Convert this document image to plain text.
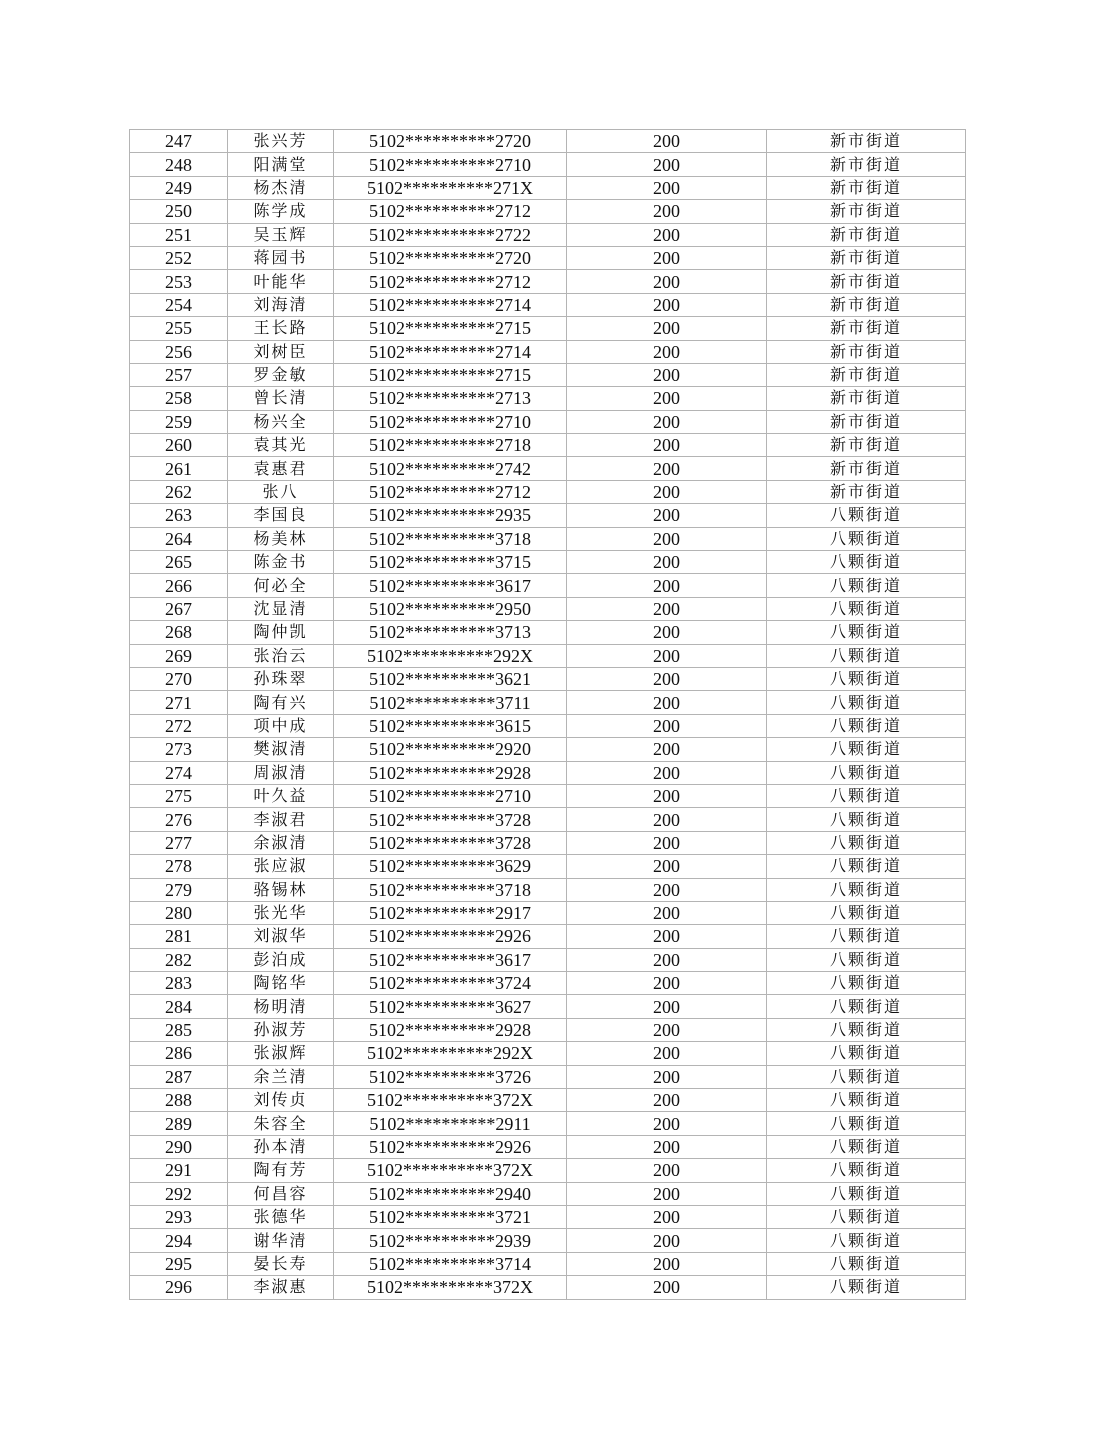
247	张兴芳	5102**********2720	200	新市街道
248	阳满堂	5102**********2710	200	新市街道
249	杨杰清	5102**********271X	200	新市街道
250	陈学成	5102**********2712	200	新市街道
251	吴玉辉	5102**********2722	200	新市街道
252	蒋园书	5102**********2720	200	新市街道
253	叶能华	5102**********2712	200	新市街道
254	刘海清	5102**********2714	200	新市街道
255	王长路	5102**********2715	200	新市街道
256	刘树臣	5102**********2714	200	新市街道
257	罗金敏	5102**********2715	200	新市街道
258	曾长清	5102**********2713	200	新市街道
259	杨兴全	5102**********2710	200	新市街道
260	袁其光	5102**********2718	200	新市街道
261	袁惠君	5102**********2742	200	新市街道
262	张八	5102**********2712	200	新市街道
263	李国良	5102**********2935	200	八颗街道
264	杨美林	5102**********3718	200	八颗街道
265	陈金书	5102**********3715	200	八颗街道
266	何必全	5102**********3617	200	八颗街道
267	沈显清	5102**********2950	200	八颗街道
268	陶仲凯	5102**********3713	200	八颗街道
269	张治云	5102**********292X	200	八颗街道
270	孙珠翠	5102**********3621	200	八颗街道
271	陶有兴	5102**********3711	200	八颗街道
272	项中成	5102**********3615	200	八颗街道
273	樊淑清	5102**********2920	200	八颗街道
274	周淑清	5102**********2928	200	八颗街道
275	叶久益	5102**********2710	200	八颗街道
276	李淑君	5102**********3728	200	八颗街道
277	余淑清	5102**********3728	200	八颗街道
278	张应淑	5102**********3629	200	八颗街道
279	骆锡林	5102**********3718	200	八颗街道
280	张光华	5102**********2917	200	八颗街道
281	刘淑华	5102**********2926	200	八颗街道
282	彭泊成	5102**********3617	200	八颗街道
283	陶铭华	5102**********3724	200	八颗街道
284	杨明清	5102**********3627	200	八颗街道
285	孙淑芳	5102**********2928	200	八颗街道
286	张淑辉	5102**********292X	200	八颗街道
287	余兰清	5102**********3726	200	八颗街道
288	刘传贞	5102**********372X	200	八颗街道
289	朱容全	5102**********2911	200	八颗街道
290	孙本清	5102**********2926	200	八颗街道
291	陶有芳	5102**********372X	200	八颗街道
292	何昌容	5102**********2940	200	八颗街道
293	张德华	5102**********3721	200	八颗街道
294	谢华清	5102**********2939	200	八颗街道
295	晏长寿	5102**********3714	200	八颗街道
296	李淑惠	5102**********372X	200	八颗街道
